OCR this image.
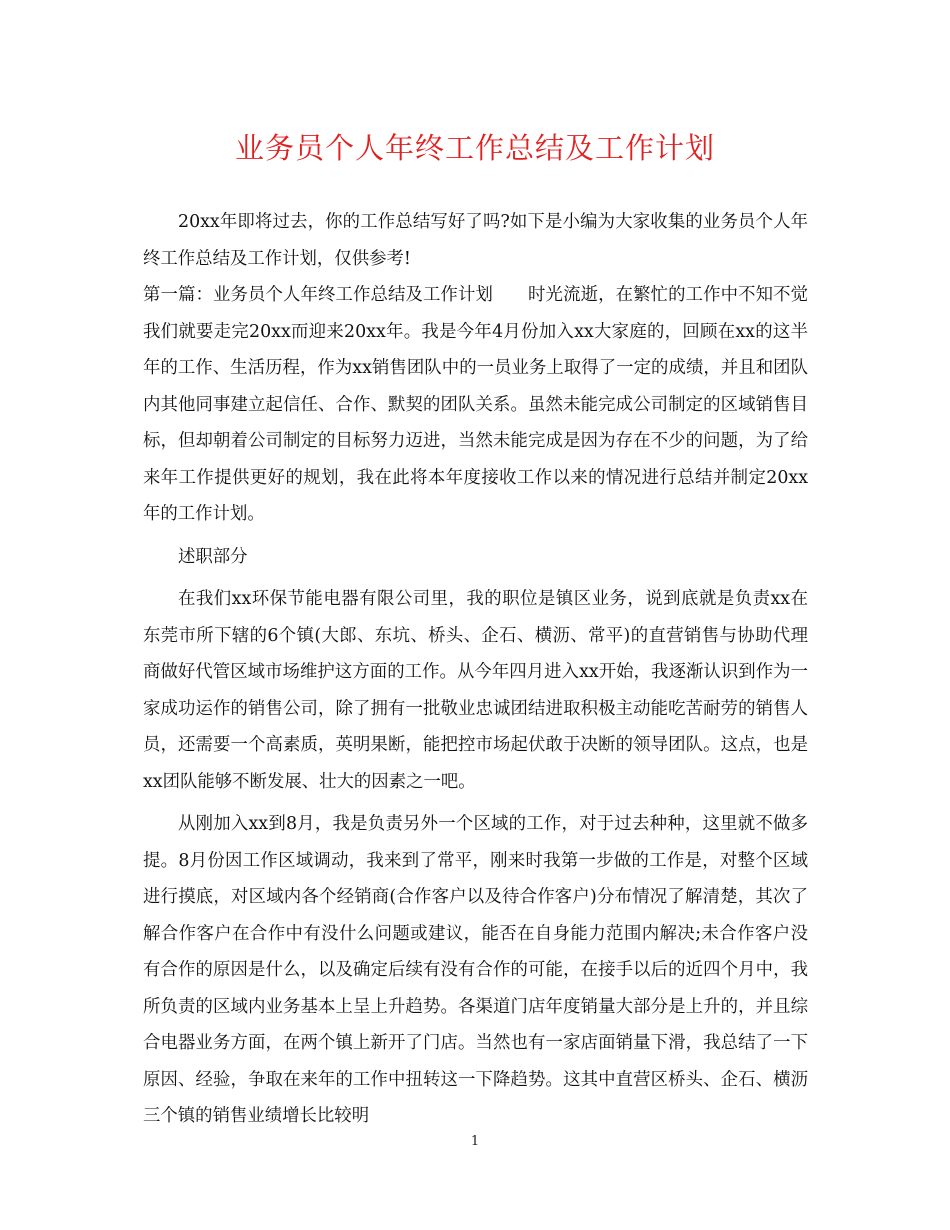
业务员个人年终工作总结及工作计划

20xx年即将过去，你的工作总结写好了吗?如下是小编为大家收集的业务员个人年终工作总结及工作计划，仅供参考!

第一篇：业务员个人年终工作总结及工作计划　　时光流逝，在繁忙的工作中不知不觉我们就要走完20xx而迎来20xx年。我是今年4月份加入xx大家庭的，回顾在xx的这半年的工作、生活历程，作为xx销售团队中的一员业务上取得了一定的成绩，并且和团队内其他同事建立起信任、合作、默契的团队关系。虽然未能完成公司制定的区域销售目标，但却朝着公司制定的目标努力迈进，当然未能完成是因为存在不少的问题，为了给来年工作提供更好的规划，我在此将本年度接收工作以来的情况进行总结并制定20xx年的工作计划。

述职部分

在我们xx环保节能电器有限公司里，我的职位是镇区业务，说到底就是负责xx在东莞市所下辖的6个镇(大郎、东坑、桥头、企石、横沥、常平)的直营销售与协助代理商做好代管区域市场维护这方面的工作。从今年四月进入xx开始，我逐渐认识到作为一家成功运作的销售公司，除了拥有一批敬业忠诚团结进取积极主动能吃苦耐劳的销售人员，还需要一个高素质，英明果断，能把控市场起伏敢于决断的领导团队。这点，也是xx团队能够不断发展、壮大的因素之一吧。

从刚加入xx到8月，我是负责另外一个区域的工作，对于过去种种，这里就不做多提。8月份因工作区域调动，我来到了常平，刚来时我第一步做的工作是，对整个区域进行摸底，对区域内各个经销商(合作客户以及待合作客户)分布情况了解清楚，其次了解合作客户在合作中有没什么问题或建议，能否在自身能力范围内解决;未合作客户没有合作的原因是什么，以及确定后续有没有合作的可能，在接手以后的近四个月中，我所负责的区域内业务基本上呈上升趋势。各渠道门店年度销量大部分是上升的，并且综合电器业务方面，在两个镇上新开了门店。当然也有一家店面销量下滑，我总结了一下原因、经验，争取在来年的工作中扭转这一下降趋势。这其中直营区桥头、企石、横沥三个镇的销售业绩增长比较明

1
